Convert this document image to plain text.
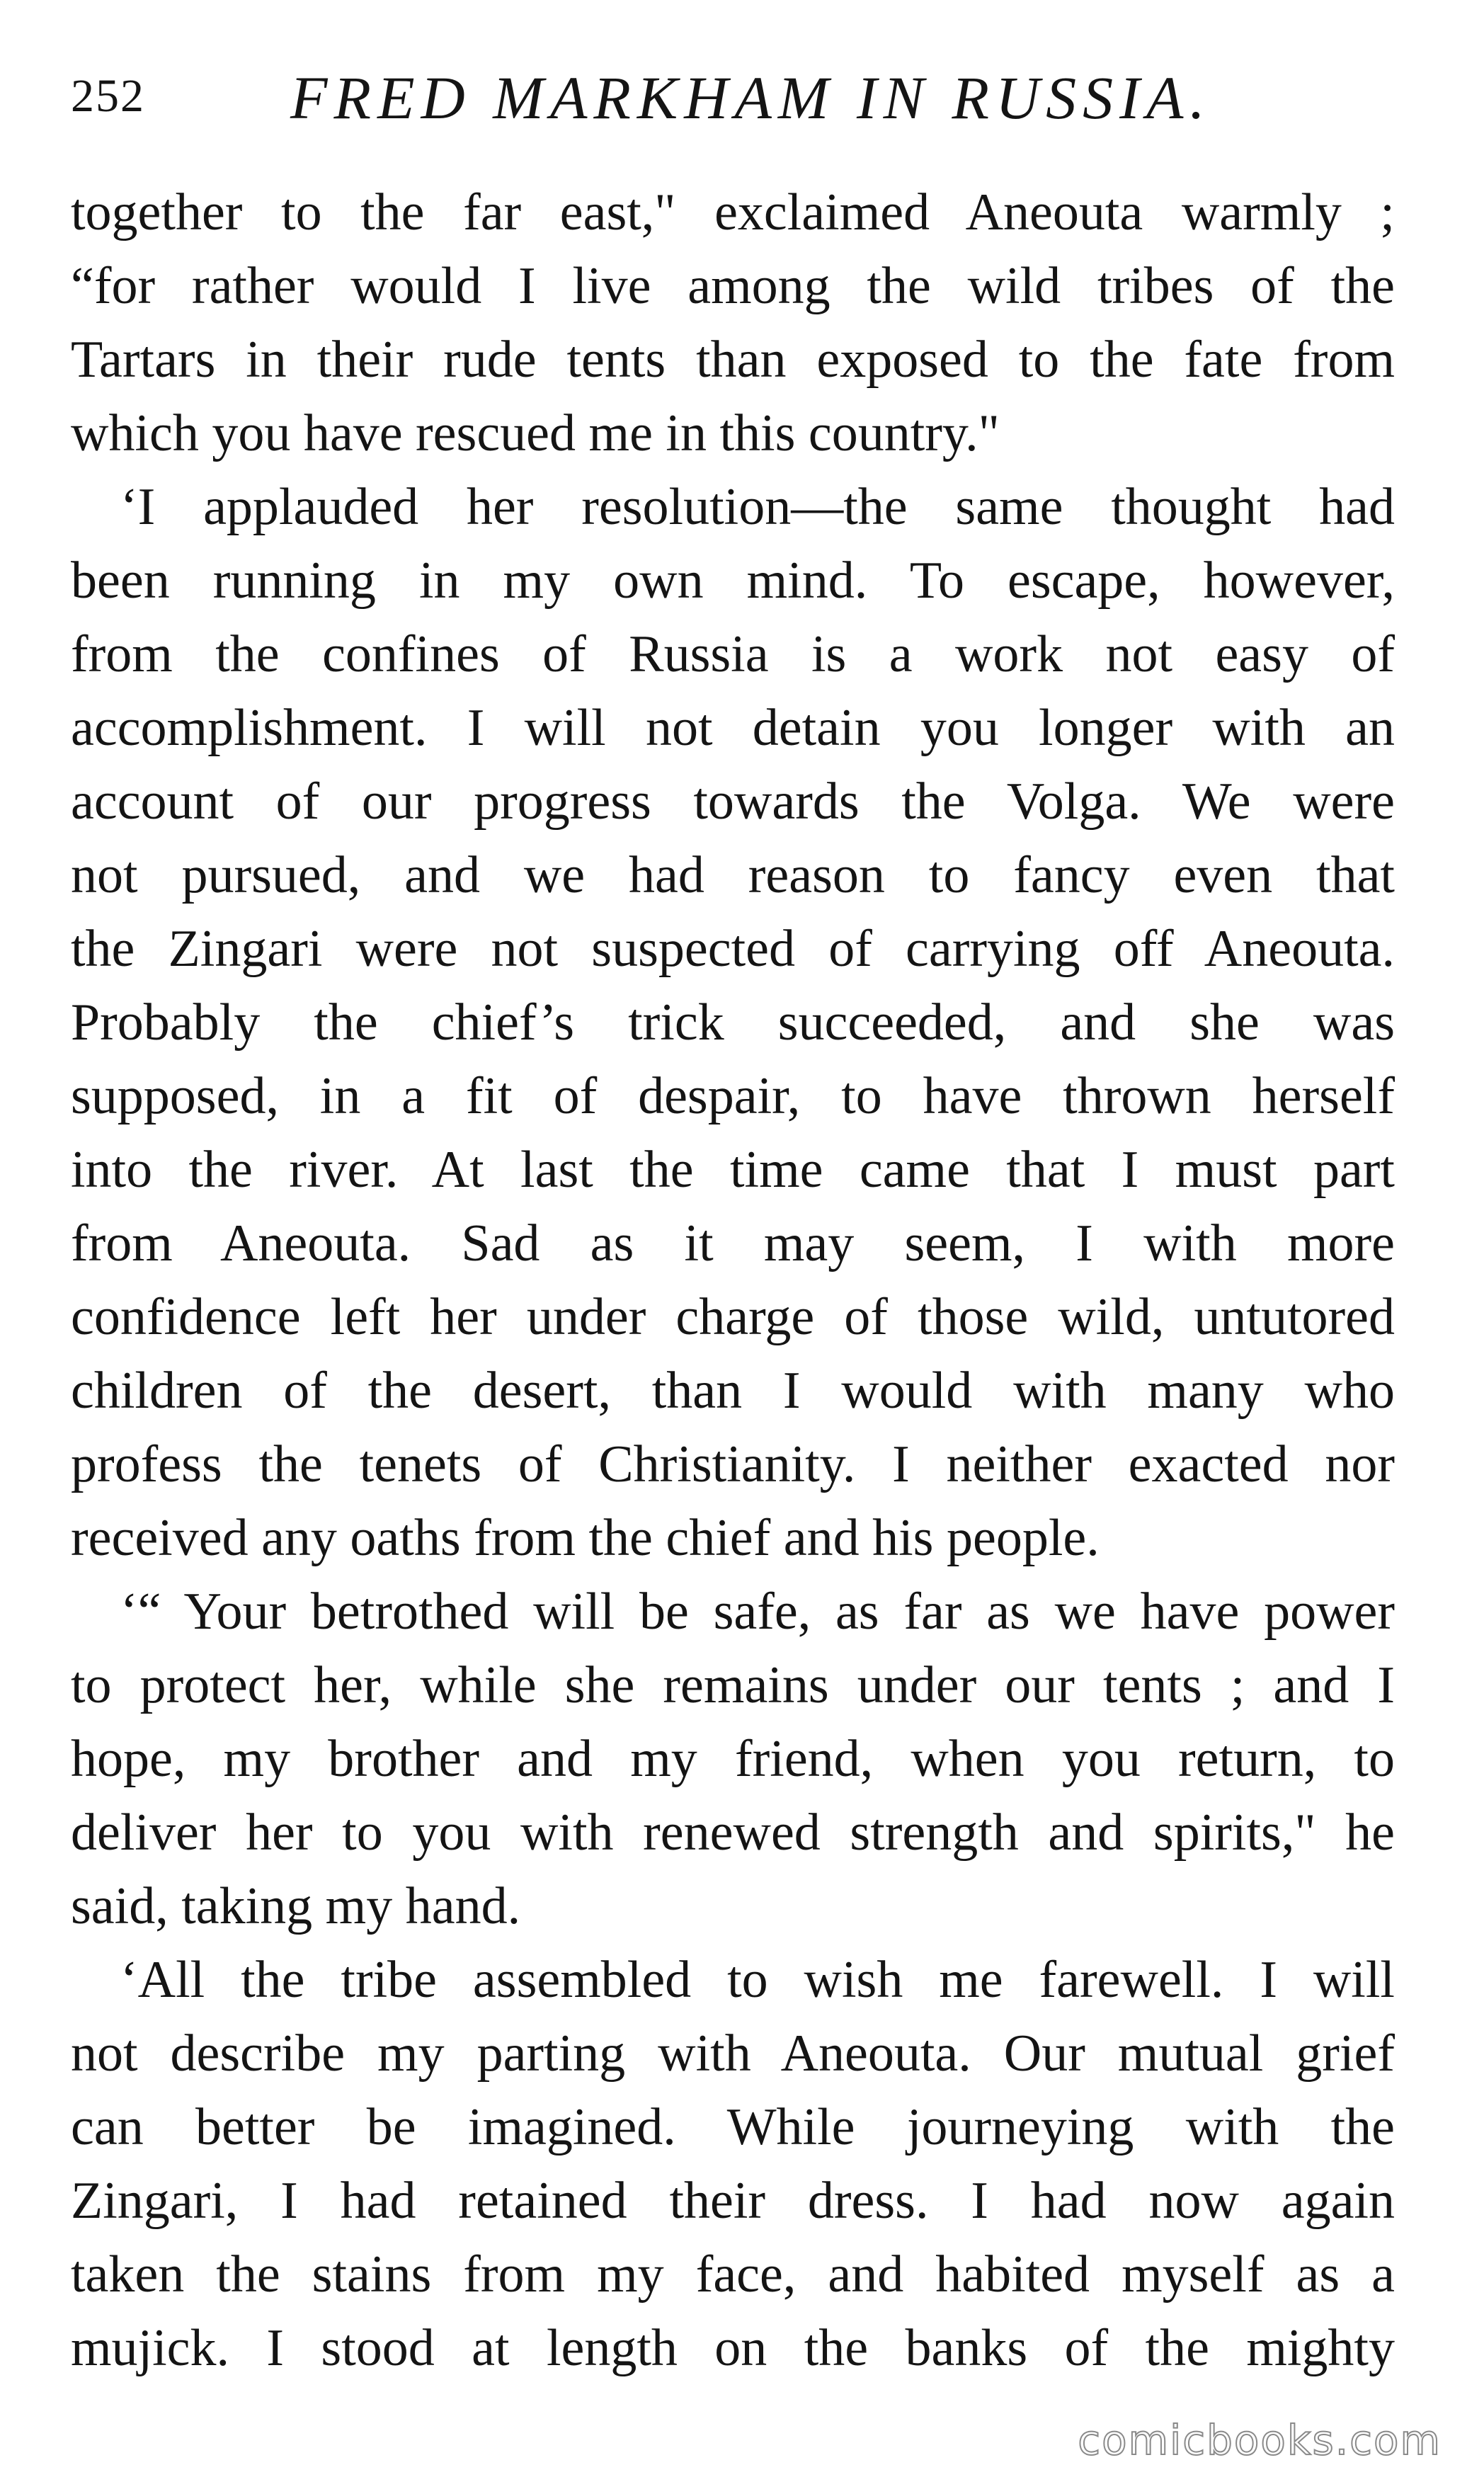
252 FRED MARKHAM IN RUSSIA.
together to the far east," exclaimed Aneouta warmly ;
“for rather would I live among the wild tribes of the
Tartars in their rude tents than exposed to the fate from
which you have rescued me in this country."
‘I applauded her resolution—the same thought had
been running in my own mind. To escape, however,
from the confines of Russia is a work not easy of
accomplishment. I will not detain you longer with an
account of our progress towards the Volga. We were
not pursued, and we had reason to fancy even that
the Zingari were not suspected of carrying off Aneouta.
Probably the chief’s trick succeeded, and she was
supposed, in a fit of despair, to have thrown herself
into the river. At last the time came that I must part
from Aneouta. Sad as it may seem, I with more
confidence left her under charge of those wild, untutored
children of the desert, than I would with many who
profess the tenets of Christianity. I neither exacted nor
received any oaths from the chief and his people.
‘“ Your betrothed will be safe, as far as we have power
to protect her, while she remains under our tents ; and I
hope, my brother and my friend, when you return, to
deliver her to you with renewed strength and spirits," he
said, taking my hand.
‘All the tribe assembled to wish me farewell. I will
not describe my parting with Aneouta. Our mutual grief
can better be imagined. While journeying with the
Zingari, I had retained their dress. I had now again
taken the stains from my face, and habited myself as a
mujick. I stood at length on the banks of the mighty
comicbooks.com
